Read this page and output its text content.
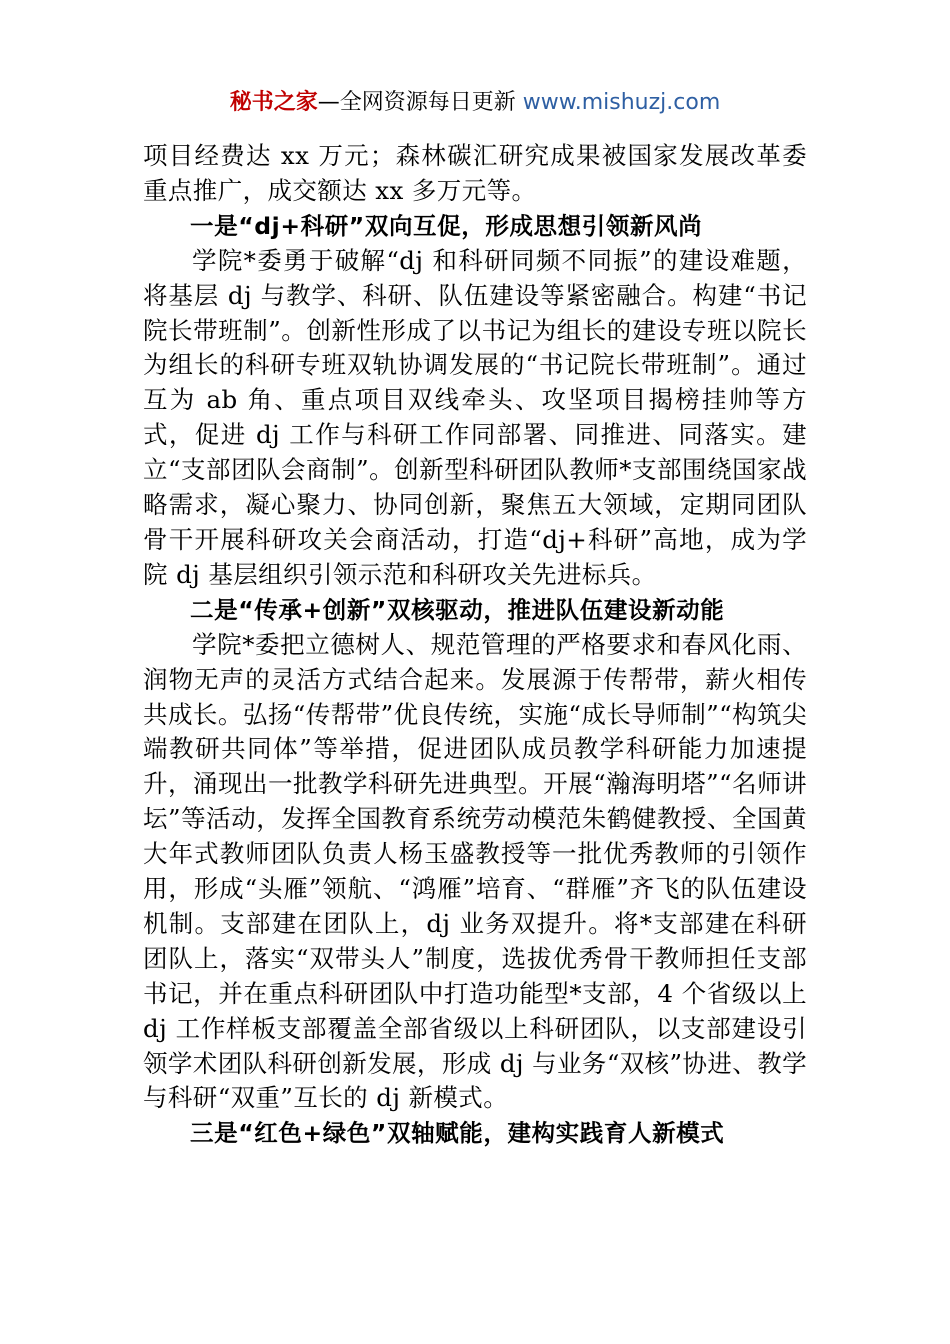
秘书之家—全网资源每日更新 www.mishuzj.com

项目经费达 xx 万元；森林碳汇研究成果被国家发展改革委重点推广，成交额达 xx 多万元等。

一是“dj+科研”双向互促，形成思想引领新风尚

学院*委勇于破解“dj 和科研同频不同振”的建设难题，将基层 dj 与教学、科研、队伍建设等紧密融合。构建“书记院长带班制”。创新性形成了以书记为组长的建设专班以院长为组长的科研专班双轨协调发展的“书记院长带班制”。通过互为 ab 角、重点项目双线牵头、攻坚项目揭榜挂帅等方式，促进 dj 工作与科研工作同部署、同推进、同落实。建立“支部团队会商制”。创新型科研团队教师*支部围绕国家战略需求，凝心聚力、协同创新，聚焦五大领域，定期同团队骨干开展科研攻关会商活动，打造“dj+科研”高地，成为学院 dj 基层组织引领示范和科研攻关先进标兵。

二是“传承+创新”双核驱动，推进队伍建设新动能

学院*委把立德树人、规范管理的严格要求和春风化雨、润物无声的灵活方式结合起来。发展源于传帮带，薪火相传共成长。弘扬“传帮带”优良传统，实施“成长导师制”“构筑尖端教研共同体”等举措，促进团队成员教学科研能力加速提升，涌现出一批教学科研先进典型。开展“瀚海明塔”“名师讲坛”等活动，发挥全国教育系统劳动模范朱鹤健教授、全国黄大年式教师团队负责人杨玉盛教授等一批优秀教师的引领作用，形成“头雁”领航、“鸿雁”培育、“群雁”齐飞的队伍建设机制。支部建在团队上，dj 业务双提升。将*支部建在科研团队上，落实“双带头人”制度，选拔优秀骨干教师担任支部书记，并在重点科研团队中打造功能型*支部，4 个省级以上 dj 工作样板支部覆盖全部省级以上科研团队，以支部建设引领学术团队科研创新发展，形成 dj 与业务“双核”协进、教学与科研“双重”互长的 dj 新模式。

三是“红色+绿色”双轴赋能，建构实践育人新模式
